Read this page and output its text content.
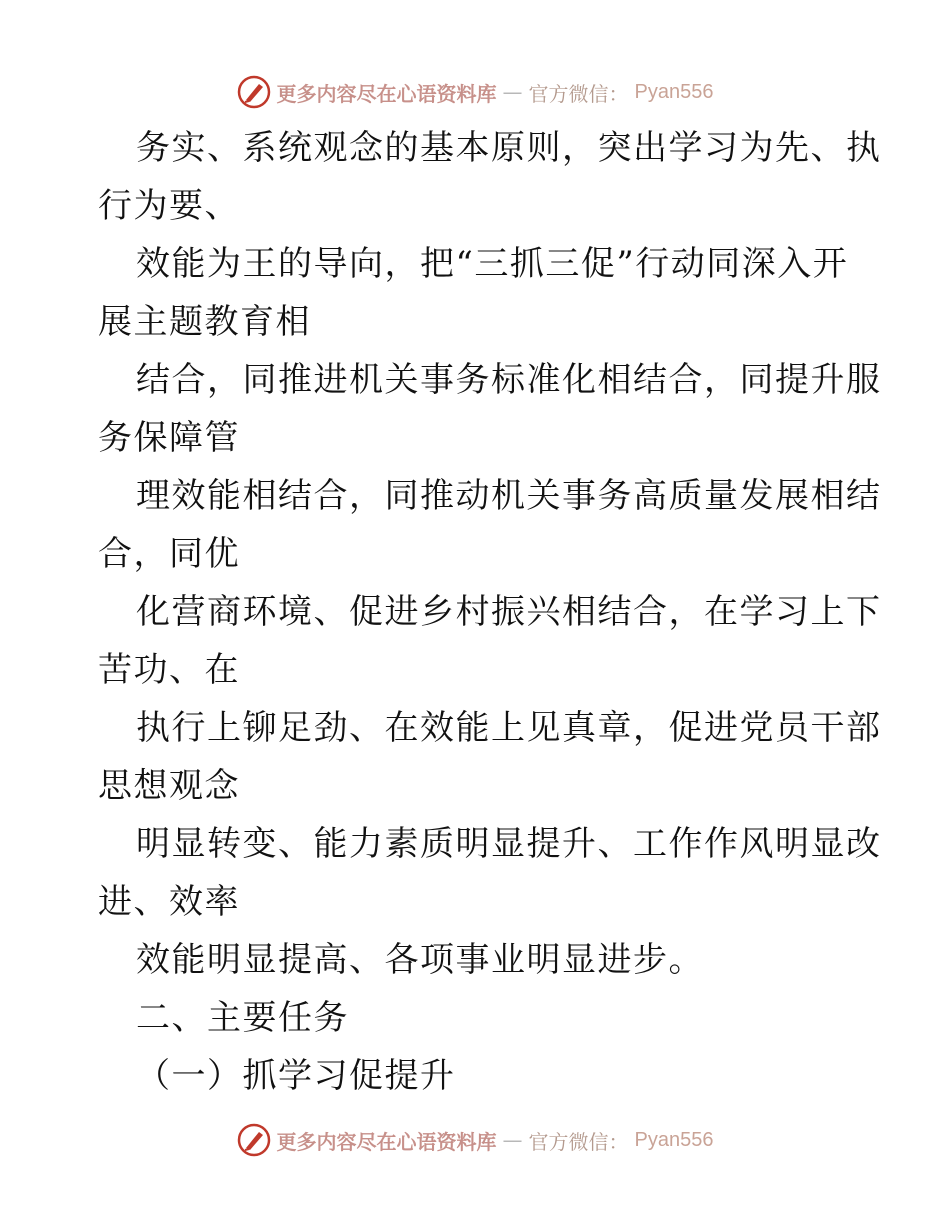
更多内容尽在心语资料库 — 官方微信： Pyan556
务实、系统观念的基本原则，突出学习为先、执
行为要、
效能为王的导向，把“三抓三促”行动同深入开
展主题教育相
结合，同推进机关事务标准化相结合，同提升服
务保障管
理效能相结合，同推动机关事务高质量发展相结
合，同优
化营商环境、促进乡村振兴相结合，在学习上下
苦功、在
执行上铆足劲、在效能上见真章，促进党员干部
思想观念
明显转变、能力素质明显提升、工作作风明显改
进、效率
效能明显提高、各项事业明显进步。
二、主要任务
（一）抓学习促提升
更多内容尽在心语资料库 — 官方微信： Pyan556
